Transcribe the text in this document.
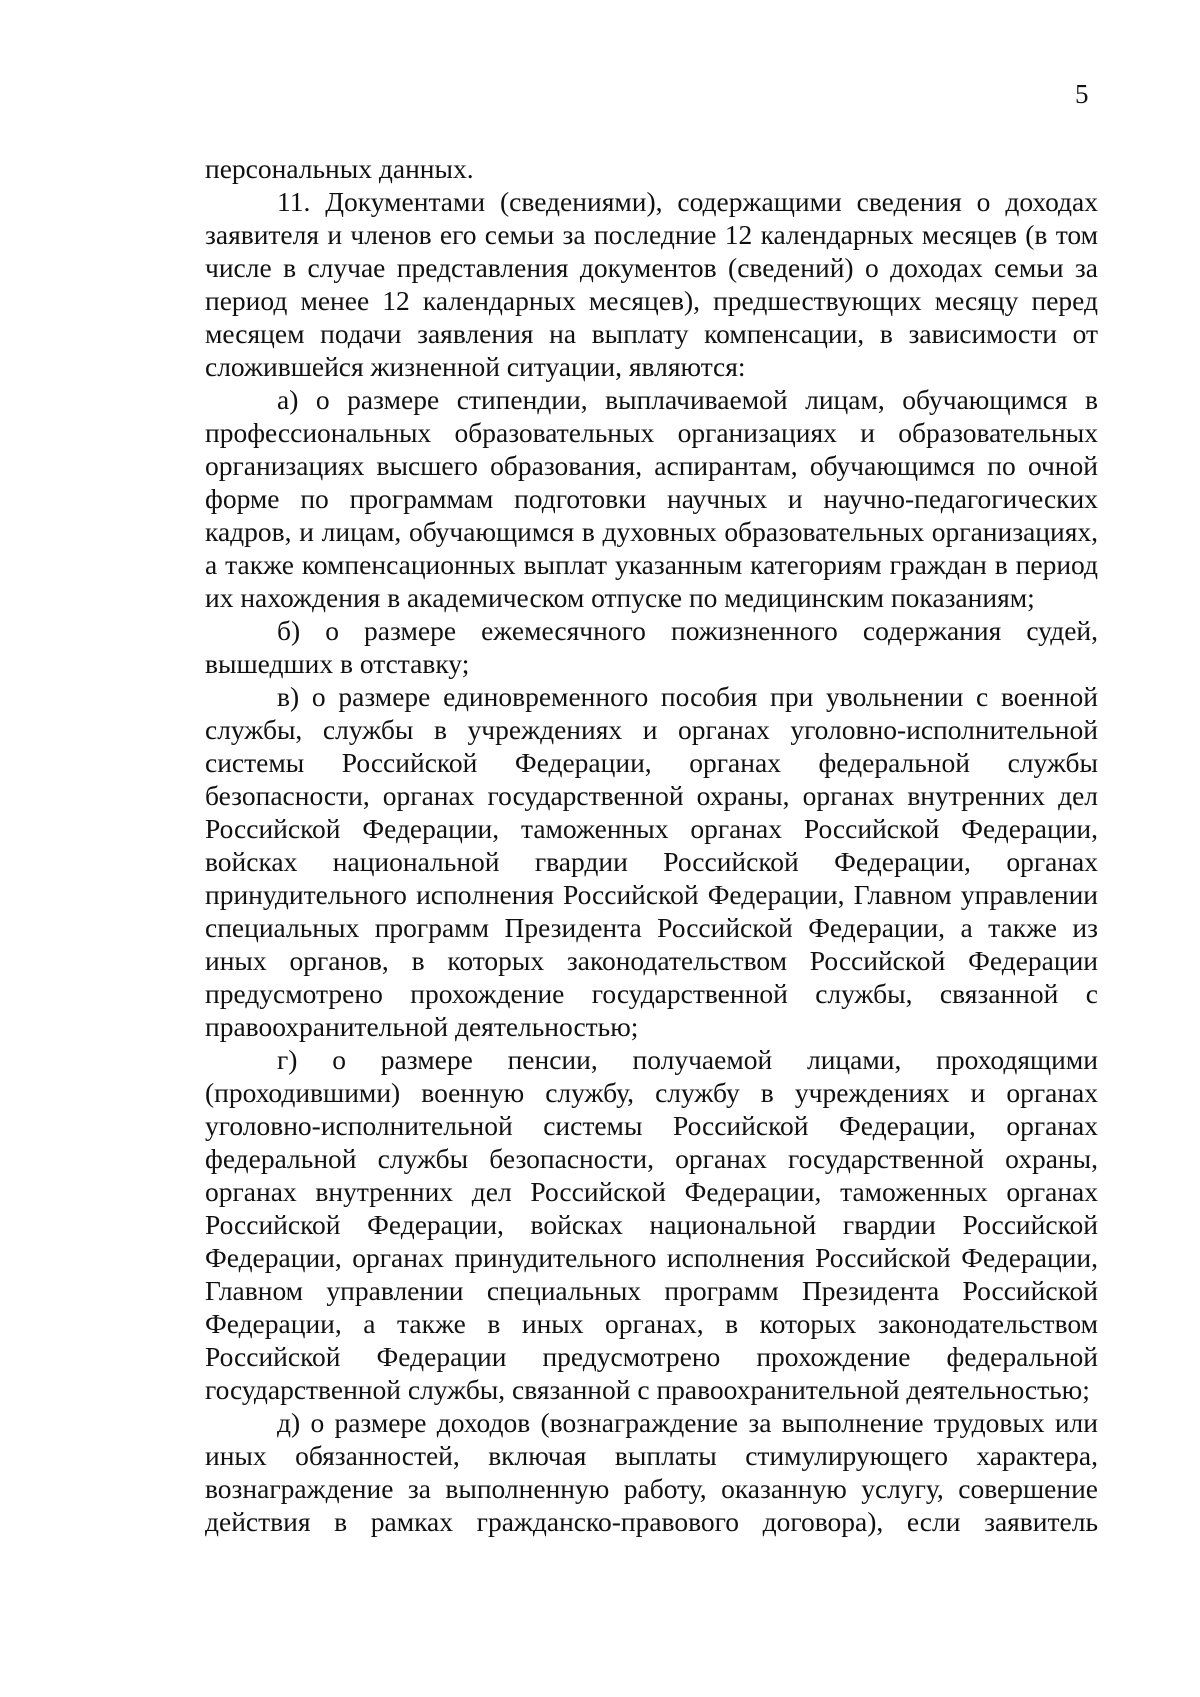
5

персональных данных.

11. Документами (сведениями), содержащими сведения о доходах заявителя и членов его семьи за последние 12 календарных месяцев (в том числе в случае представления документов (сведений) о доходах семьи за период менее 12 календарных месяцев), предшествующих месяцу перед месяцем подачи заявления на выплату компенсации, в зависимости от сложившейся жизненной ситуации, являются:

а) о размере стипендии, выплачиваемой лицам, обучающимся в профессиональных образовательных организациях и образовательных организациях высшего образования, аспирантам, обучающимся по очной форме по программам подготовки научных и научно-педагогических кадров, и лицам, обучающимся в духовных образовательных организациях, а также компенсационных выплат указанным категориям граждан в период их нахождения в академическом отпуске по медицинским показаниям;

б) о размере ежемесячного пожизненного содержания судей, вышедших в отставку;

в) о размере единовременного пособия при увольнении с военной службы, службы в учреждениях и органах уголовно-исполнительной системы Российской Федерации, органах федеральной службы безопасности, органах государственной охраны, органах внутренних дел Российской Федерации, таможенных органах Российской Федерации, войсках национальной гвардии Российской Федерации, органах принудительного исполнения Российской Федерации, Главном управлении специальных программ Президента Российской Федерации, а также из иных органов, в которых законодательством Российской Федерации предусмотрено прохождение государственной службы, связанной с правоохранительной деятельностью;

г) о размере пенсии, получаемой лицами, проходящими (проходившими) военную службу, службу в учреждениях и органах уголовно-исполнительной системы Российской Федерации, органах федеральной службы безопасности, органах государственной охраны, органах внутренних дел Российской Федерации, таможенных органах Российской Федерации, войсках национальной гвардии Российской Федерации, органах принудительного исполнения Российской Федерации, Главном управлении специальных программ Президента Российской Федерации, а также в иных органах, в которых законодательством Российской Федерации предусмотрено прохождение федеральной государственной службы, связанной с правоохранительной деятельностью;

д) о размере доходов (вознаграждение за выполнение трудовых или иных обязанностей, включая выплаты стимулирующего характера, вознаграждение за выполненную работу, оказанную услугу, совершение действия в рамках гражданско-правового договора), если заявитель
